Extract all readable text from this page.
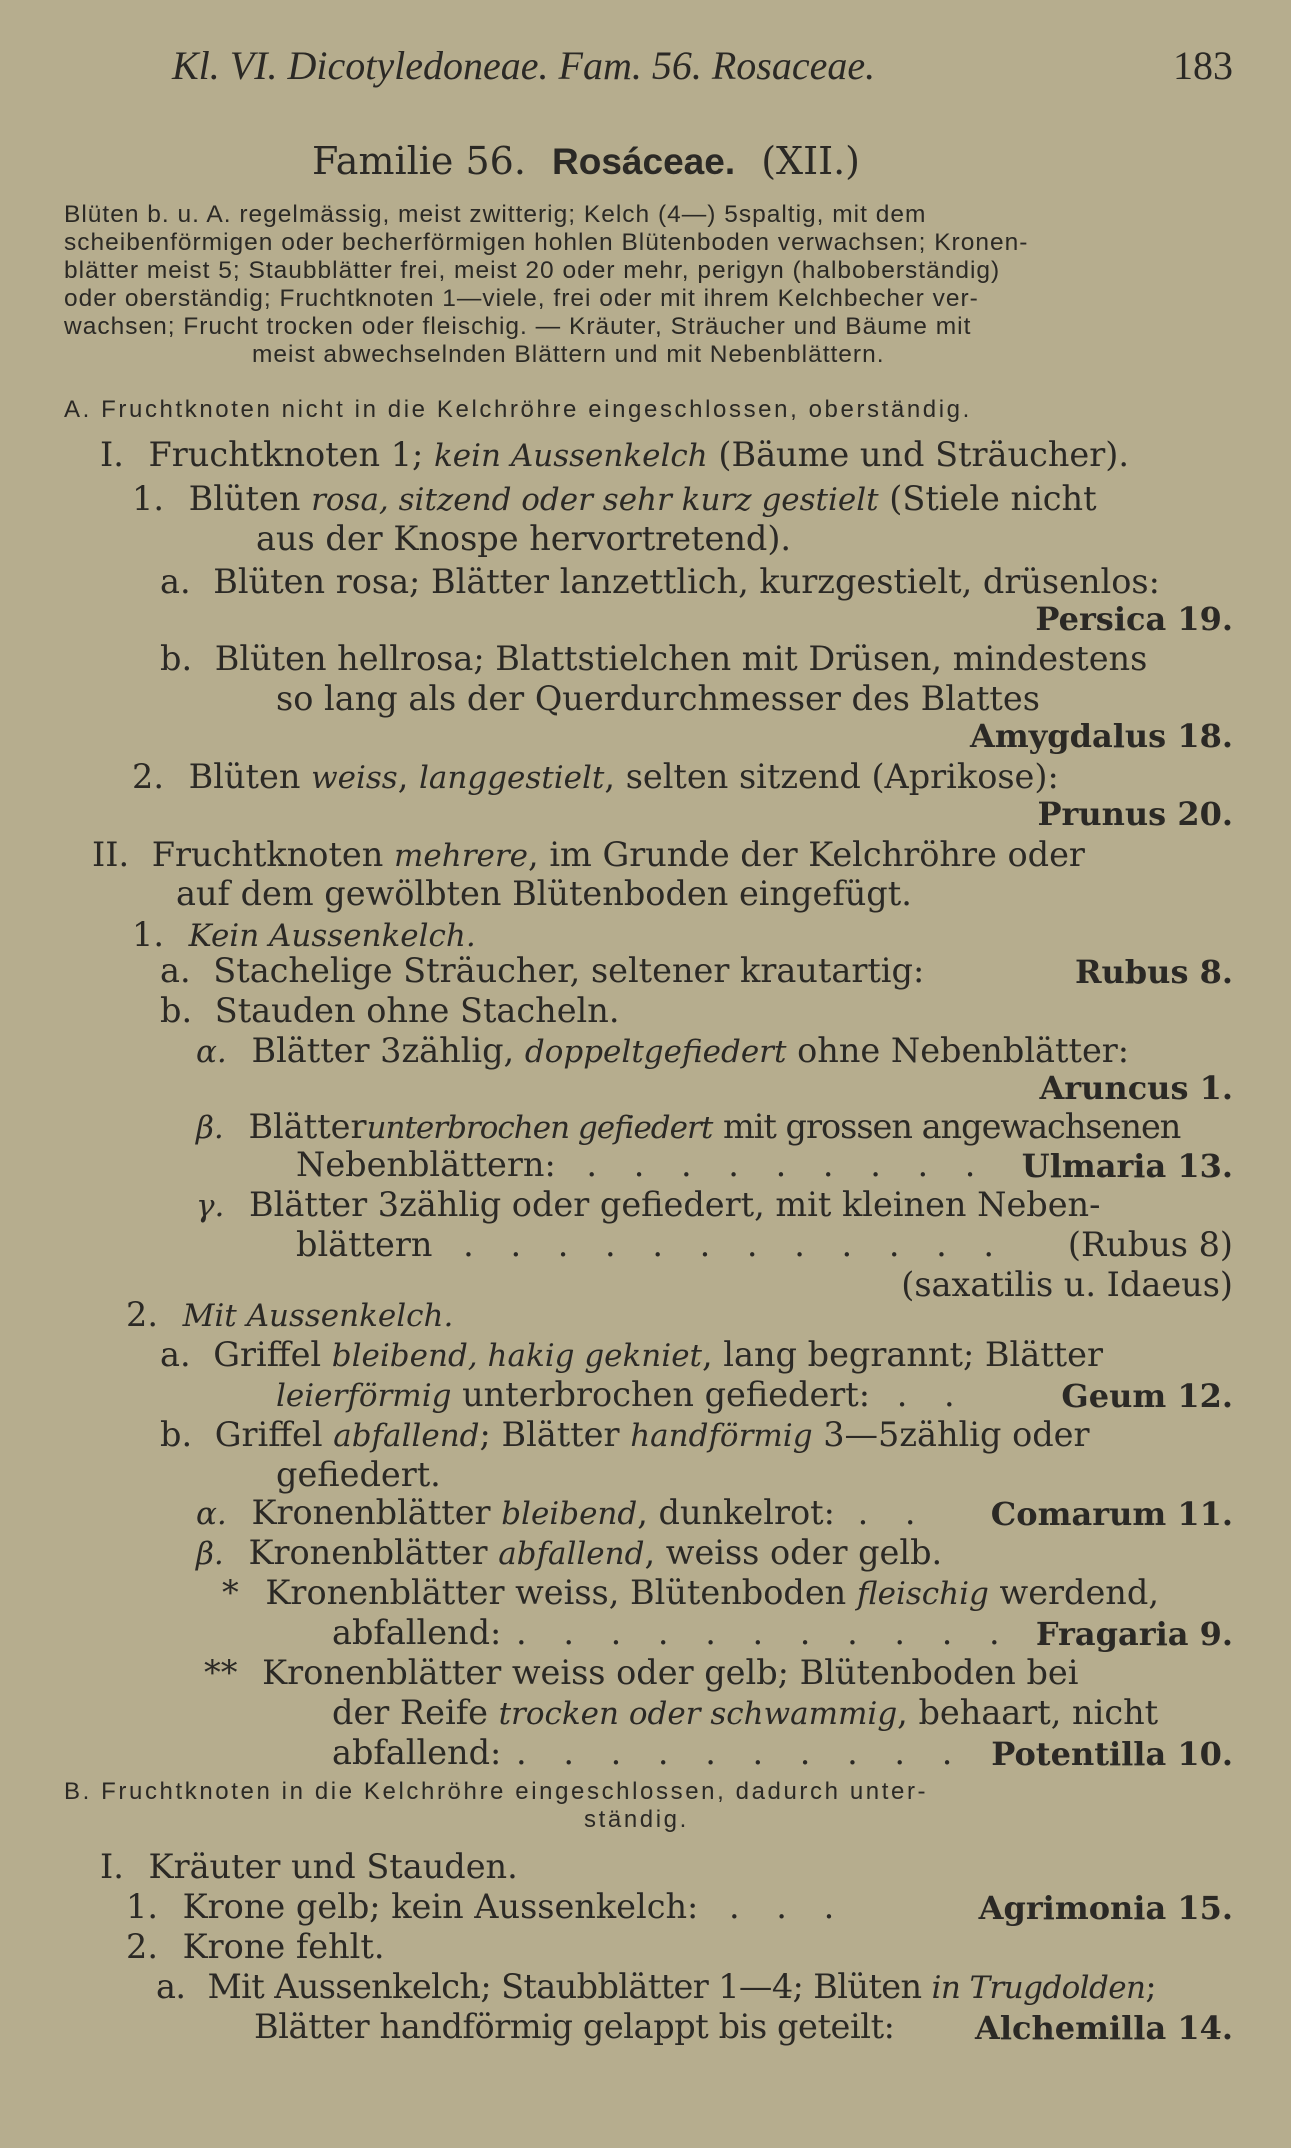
Kl. VI. Dicotyledoneae. Fam. 56. Rosaceae.	183
Familie 56. Rosáceae. (XII.)
Blüten b. u. A. regelmässig, meist zwitterig; Kelch (4—) 5spaltig, mit dem
scheibenförmigen oder becherförmigen hohlen Blütenboden verwachsen; Kronen-
blätter meist 5; Staubblätter frei, meist 20 oder mehr, perigyn (halboberständig)
oder oberständig; Fruchtknoten 1—viele, frei oder mit ihrem Kelchbecher ver-
wachsen; Frucht trocken oder fleischig. — Kräuter, Sträucher und Bäume mit
meist abwechselnden Blättern und mit Nebenblättern.
A. Fruchtknoten nicht in die Kelchröhre eingeschlossen, oberständig.
I. Fruchtknoten 1; kein Aussenkelch (Bäume und Sträucher).
1. Blüten rosa, sitzend oder sehr kurz gestielt (Stiele nicht
aus der Knospe hervortretend).
a. Blüten rosa; Blätter lanzettlich, kurzgestielt, drüsenlos:
Persica 19.
b. Blüten hellrosa; Blattstielchen mit Drüsen, mindestens
so lang als der Querdurchmesser des Blattes
Amygdalus 18.
2. Blüten weiss, langgestielt, selten sitzend (Aprikose):
Prunus 20.
II. Fruchtknoten mehrere, im Grunde der Kelchröhre oder
auf dem gewölbten Blütenboden eingefügt.
1. Kein Aussenkelch.
a. Stachelige Sträucher, seltener krautartig:	Rubus 8.
b. Stauden ohne Stacheln.
α. Blätter 3zählig, doppeltgefiedert ohne Nebenblätter:
Aruncus 1.
β. Blätterunterbrochen gefiedert mit grossen angewachsenen
Nebenblättern: . . . . . . . . . Ulmaria 13.
γ. Blätter 3zählig oder gefiedert, mit kleinen Neben-
blättern . . . . . . . . . . . . (Rubus 8)
(saxatilis u. Idaeus)
2. Mit Aussenkelch.
a. Griffel bleibend, hakig gekniet, lang begrannt; Blätter
leierförmig unterbrochen gefiedert: . .	Geum 12.
b. Griffel abfallend; Blätter handförmig 3—5zählig oder
gefiedert.
α. Kronenblätter bleibend, dunkelrot: . . Comarum 11.
β. Kronenblätter abfallend, weiss oder gelb.
* Kronenblätter weiss, Blütenboden fleischig werdend,
abfallend: . . . . . . . . . . . .
Fragaria 9.
** Kronenblätter weiss oder gelb; Blütenboden bei
der Reife trocken oder schwammig, behaart, nicht
abfallend: . . . . . . . . . . Potentilla 10.
B. Fruchtknoten in die Kelchröhre eingeschlossen, dadurch unter-
ständig.
I. Kräuter und Stauden.
1. Krone gelb; kein Aussenkelch: . . .	Agrimonia 15.
2. Krone fehlt.
a. Mit Aussenkelch; Staubblätter 1—4; Blüten in Trugdolden;
Blätter handförmig gelappt bis geteilt:	Alchemilla 14.
